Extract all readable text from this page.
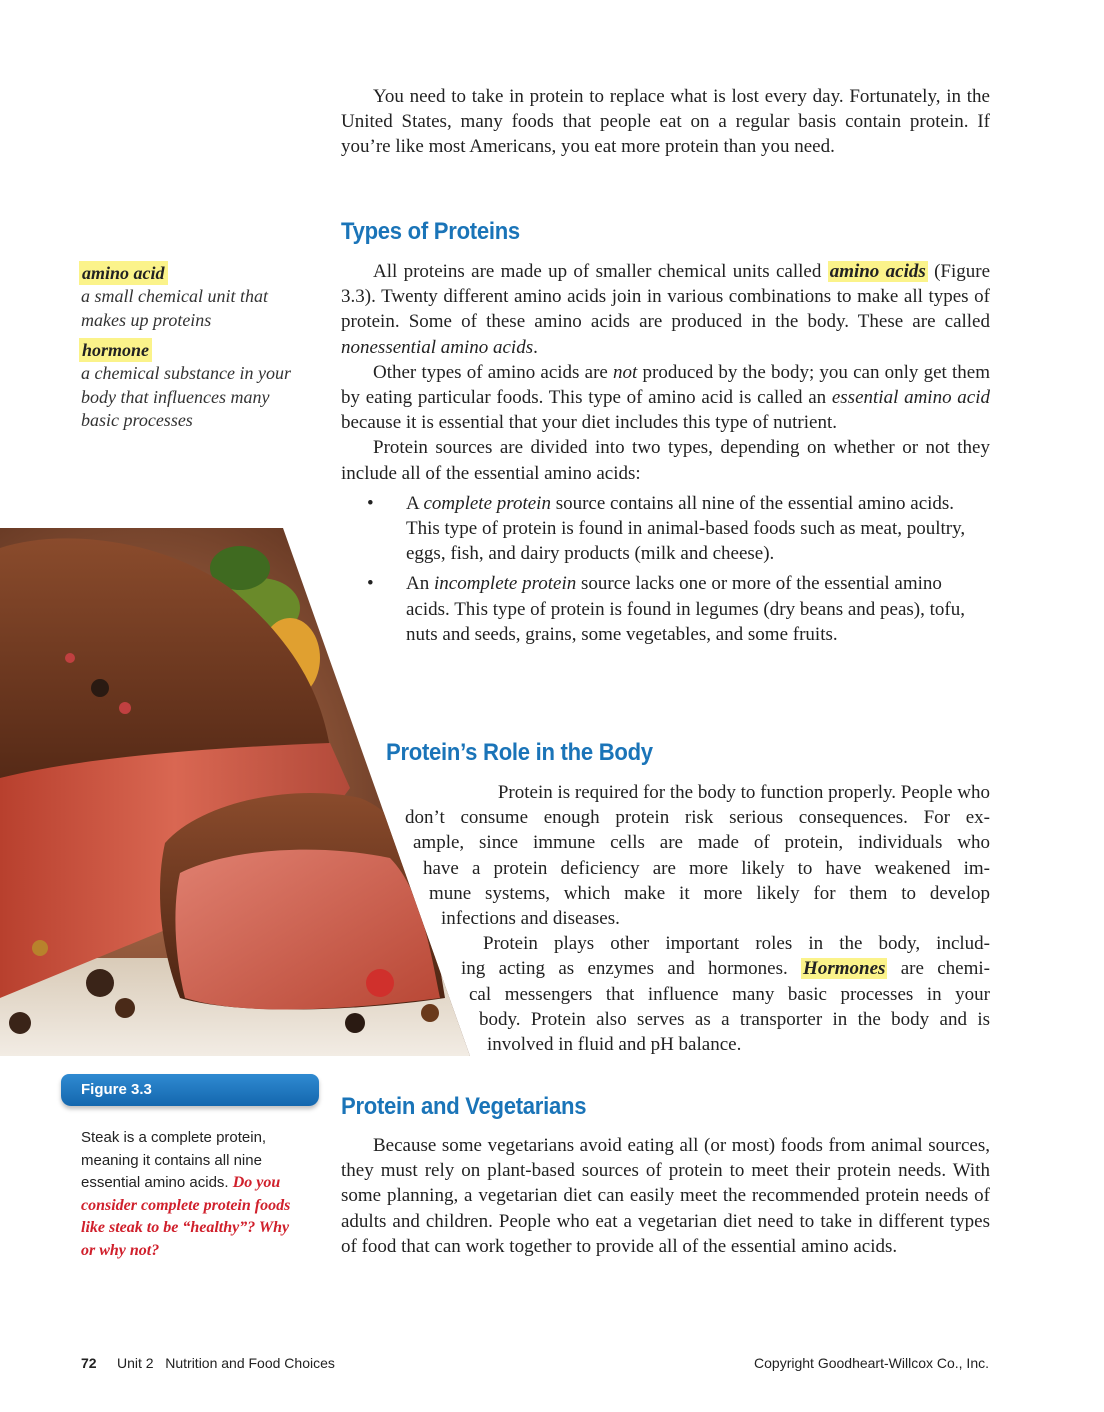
You need to take in protein to replace what is lost every day. Fortunately, in the United States, many foods that people eat on a regular basis contain protein. If you’re like most Americans, you eat more protein than you need.

Types of Proteins

All proteins are made up of smaller chemical units called amino acids (Figure 3.3). Twenty different amino acids join in various combinations to make all types of protein. Some of these amino acids are produced in the body. These are called nonessential amino acids.

Other types of amino acids are not produced by the body; you can only get them by eating particular foods. This type of amino acid is called an essential amino acid because it is essential that your diet includes this type of nutrient.

Protein sources are divided into two types, depending on whether or not they include all of the essential amino acids:

• A complete protein source contains all nine of the essential amino acids. This type of protein is found in animal-based foods such as meat, poultry, eggs, fish, and dairy products (milk and cheese).
• An incomplete protein source lacks one or more of the essential amino acids. This type of protein is found in legumes (dry beans and peas), tofu, nuts and seeds, grains, some vegetables, and some fruits.
Protein’s Role in the Body
Protein is required for the body to function properly. People who
don’t consume enough protein risk serious consequences. For ex-
ample, since immune cells are made of protein, individuals who
have a protein deficiency are more likely to have weakened im-
mune systems, which make it more likely for them to develop
infections and diseases.
Protein plays other important roles in the body, includ-
ing acting as enzymes and hormones. Hormones are chemi-
cal messengers that influence many basic processes in your
body. Protein also serves as a transporter in the body and is
involved in fluid and pH balance.
Protein and Vegetarians

Because some vegetarians avoid eating all (or most) foods from animal sources, they must rely on plant-based sources of protein to meet their protein needs. With some planning, a vegetarian diet can easily meet the recommended protein needs of adults and children. People who eat a vegetarian diet need to take in different types of food that can work together to provide all of the essential amino acids.

amino acid

a small chemical unit that makes up proteins

hormone

a chemical substance in your body that influences many basic processes

Figure 3.3

Steak is a complete protein, meaning it contains all nine essential amino acids. Do you consider complete protein foods like steak to be “healthy”? Why or why not?

72 Unit 2   Nutrition and Food Choices	Copyright Goodheart-Willcox Co., Inc.
